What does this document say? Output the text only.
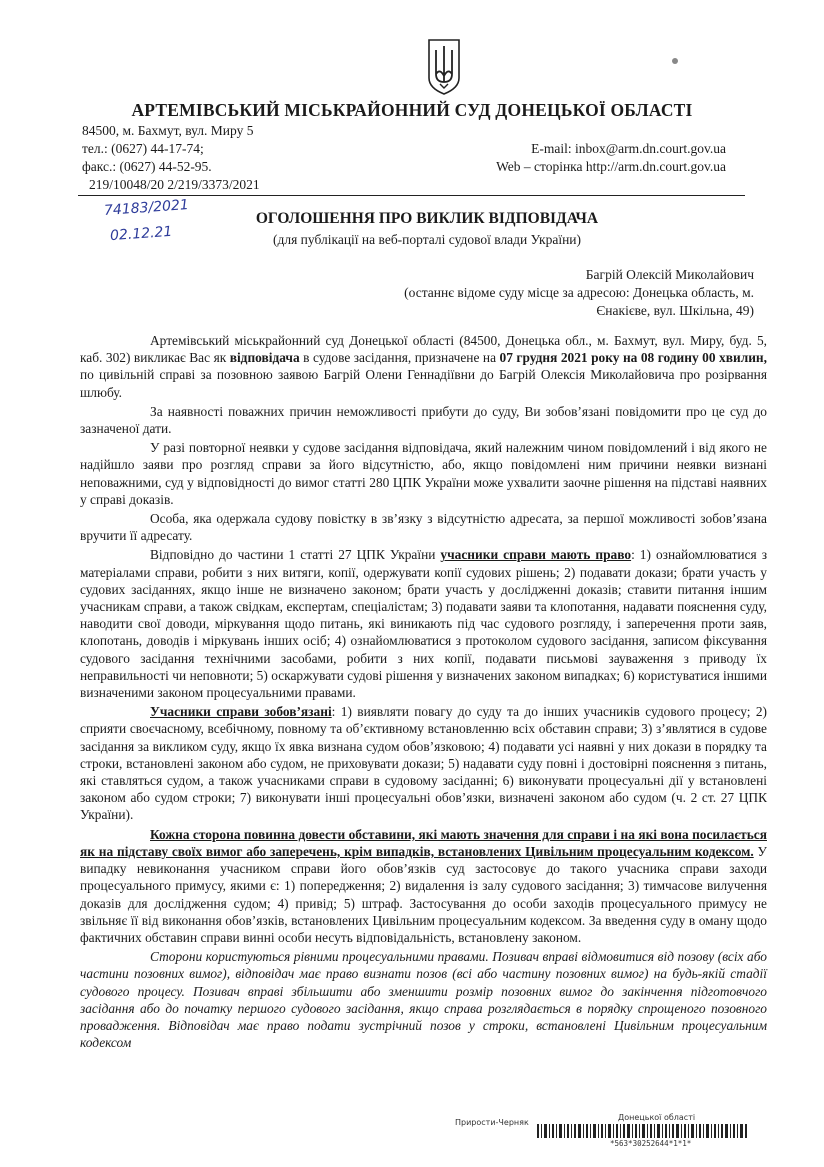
АРТЕМІВСЬКИЙ МІСЬКРАЙОННИЙ СУД ДОНЕЦЬКОЇ ОБЛАСТІ
84500, м. Бахмут, вул. Миру 5
тел.: (0627) 44-17-74;
факс.: (0627) 44-52-95.
219/10048/20 2/219/3373/2021
E-mail: inbox@arm.dn.court.gov.ua
Web – сторінка http://arm.dn.court.gov.ua
74183/2021
02.12.21
ОГОЛОШЕННЯ ПРО ВИКЛИК ВІДПОВІДАЧА
(для публікації на веб-порталі судової влади України)
Багрій Олексій Миколайович
(останнє відоме суду місце за адресою: Донецька область, м.
Єнакієве, вул. Шкільна, 49)

Артемівський міськрайонний суд Донецької області (84500, Донецька обл., м. Бахмут, вул. Миру, буд. 5, каб. 302) викликає Вас як відповідача в судове засідання, призначене на 07 грудня 2021 року на 08 годину 00 хвилин, по цивільній справі за позовною заявою Багрій Олени Геннадіївни до Багрій Олексія Миколайовича про розірвання шлюбу.

За наявності поважних причин неможливості прибути до суду, Ви зобов’язані повідомити про це суд до зазначеної дати.

У разі повторної неявки у судове засідання відповідача, який належним чином повідомлений і від якого не надійшло заяви про розгляд справи за його відсутністю, або, якщо повідомлені ним причини неявки визнані неповажними, суд у відповідності до вимог статті 280 ЦПК України може ухвалити заочне рішення на підставі наявних у справі доказів.

Особа, яка одержала судову повістку в зв’язку з відсутністю адресата, за першої можливості зобов’язана вручити її адресату.

Відповідно до частини 1 статті 27 ЦПК України учасники справи мають право: 1) ознайомлюватися з матеріалами справи, робити з них витяги, копії, одержувати копії судових рішень; 2) подавати докази; брати участь у судових засіданнях, якщо інше не визначено законом; брати участь у дослідженні доказів; ставити питання іншим учасникам справи, а також свідкам, експертам, спеціалістам; 3) подавати заяви та клопотання, надавати пояснення суду, наводити свої доводи, міркування щодо питань, які виникають під час судового розгляду, і заперечення проти заяв, клопотань, доводів і міркувань інших осіб; 4) ознайомлюватися з протоколом судового засідання, записом фіксування судового засідання технічними засобами, робити з них копії, подавати письмові зауваження з приводу їх неправильності чи неповноти; 5) оскаржувати судові рішення у визначених законом випадках; 6) користуватися іншими визначеними законом процесуальними правами.

Учасники справи зобов’язані: 1) виявляти повагу до суду та до інших учасників судового процесу; 2) сприяти своєчасному, всебічному, повному та об’єктивному встановленню всіх обставин справи; 3) з’являтися в судове засідання за викликом суду, якщо їх явка визнана судом обов’язковою; 4) подавати усі наявні у них докази в порядку та строки, встановлені законом або судом, не приховувати докази; 5) надавати суду повні і достовірні пояснення з питань, які ставляться судом, а також учасниками справи в судовому засіданні; 6) виконувати процесуальні дії у встановлені законом або судом строки; 7) виконувати інші процесуальні обов’язки, визначені законом або судом (ч. 2 ст. 27 ЦПК України).

Кожна сторона повинна довести обставини, які мають значення для справи і на які вона посилається як на підставу своїх вимог або заперечень, крім випадків, встановлених Цивільним процесуальним кодексом. У випадку невиконання учасником справи його обов’язків суд застосовує до такого учасника справи заходи процесуального примусу, якими є: 1) попередження; 2) видалення із залу судового засідання; 3) тимчасове вилучення доказів для дослідження судом; 4) привід; 5) штраф. Застосування до особи заходів процесуального примусу не звільняє її від виконання обов’язків, встановлених Цивільним процесуальним кодексом. За введення суду в оману щодо фактичних обставин справи винні особи несуть відповідальність, встановлену законом.

Сторони користуються рівними процесуальними правами. Позивач вправі відмовитися від позову (всіх або частини позовних вимог), відповідач має право визнати позов (всі або частину позовних вимог) на будь-якій стадії судового процесу. Позивач вправі збільшити або зменшити розмір позовних вимог до закінчення підготовчого засідання або до початку першого судового засідання, якщо справа розглядається в порядку спрощеного позовного провадження. Відповідач має право подати зустрічний позов у строки, встановлені Цивільним процесуальним кодексом

Прирости-Черняк
Донецької області
*563*30252644*1*1*
